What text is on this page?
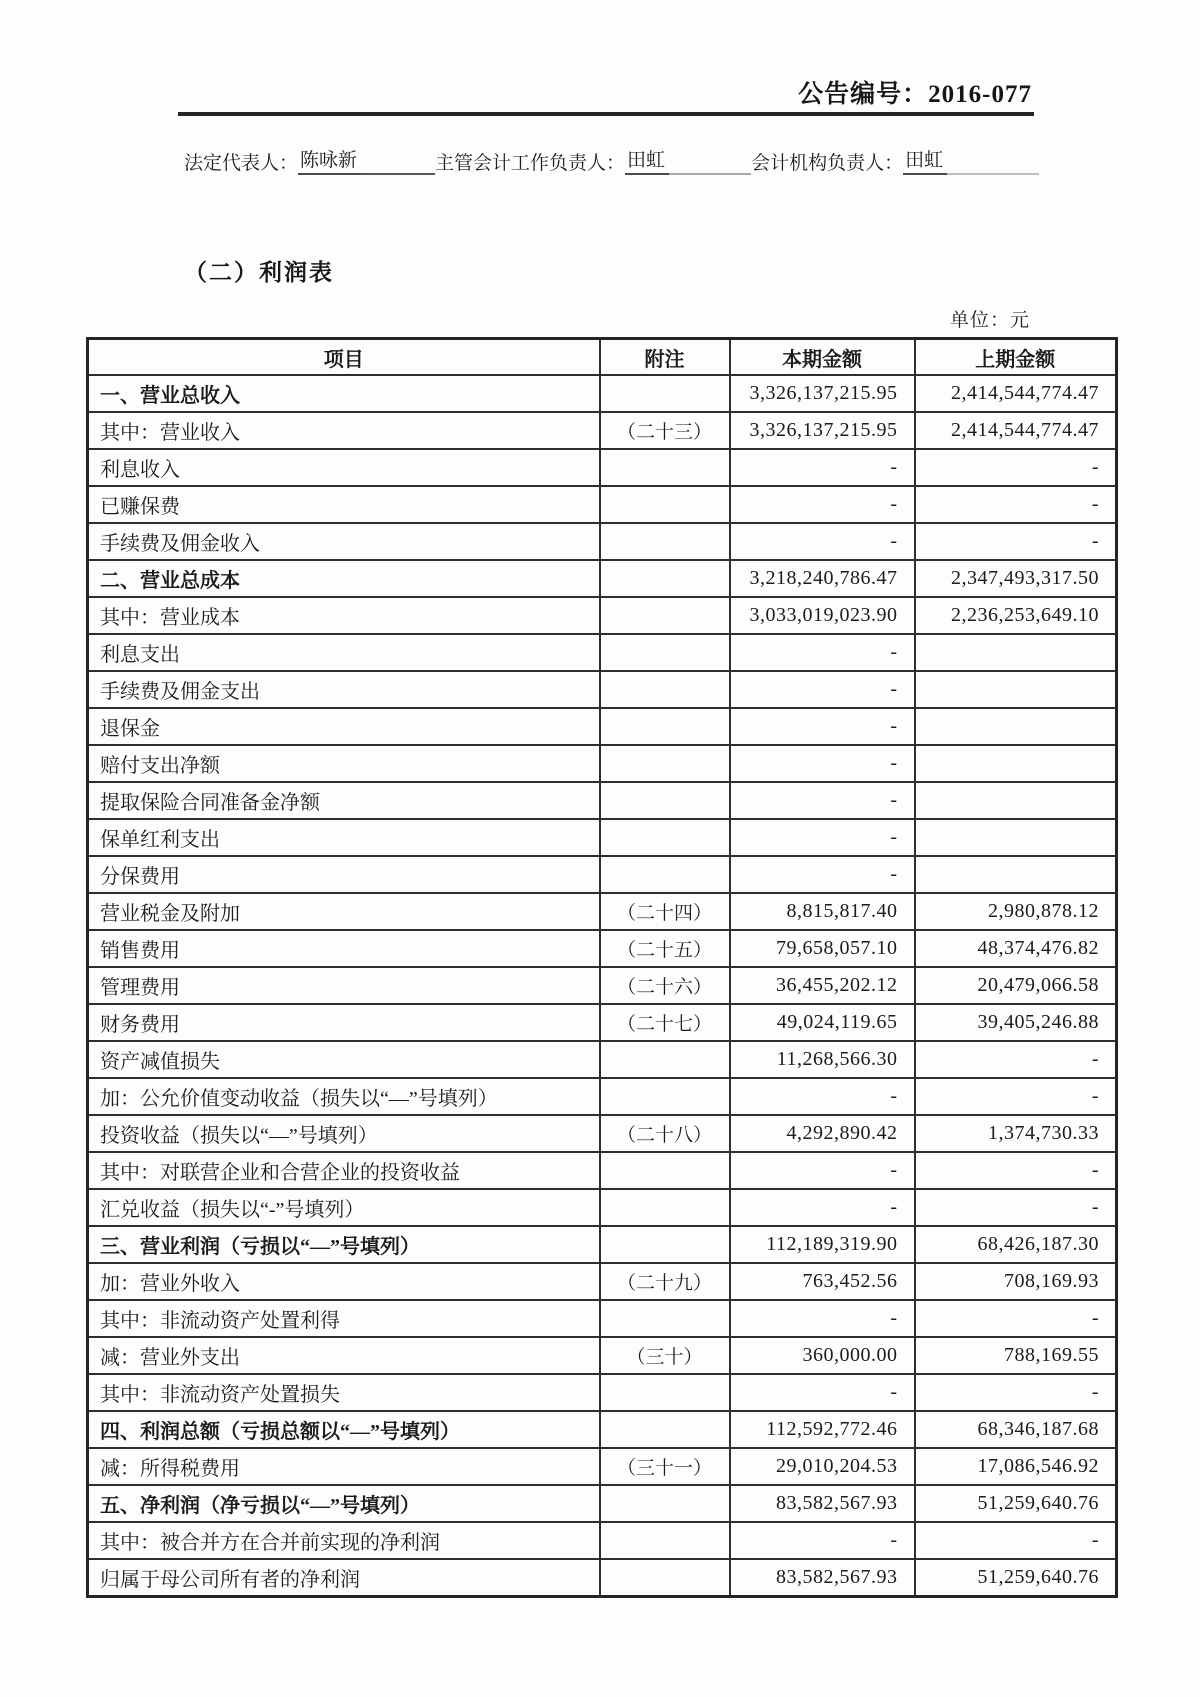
公告编号：2016-077
法定代表人： 陈咏新	主管会计工作负责人： 田虹	会计机构负责人： 田虹
（二）利润表
单位：元
项目	附注	本期金额	上期金额
一、营业总收入		3,326,137,215.95	2,414,544,774.47
其中：营业收入	（二十三）	3,326,137,215.95	2,414,544,774.47
利息收入		-	-
已赚保费		-	-
手续费及佣金收入		-	-
二、营业总成本		3,218,240,786.47	2,347,493,317.50
其中：营业成本		3,033,019,023.90	2,236,253,649.10
利息支出		-	
手续费及佣金支出		-	
退保金		-	
赔付支出净额		-	
提取保险合同准备金净额		-	
保单红利支出		-	
分保费用		-	
营业税金及附加	（二十四）	8,815,817.40	2,980,878.12
销售费用	（二十五）	79,658,057.10	48,374,476.82
管理费用	（二十六）	36,455,202.12	20,479,066.58
财务费用	（二十七）	49,024,119.65	39,405,246.88
资产减值损失		11,268,566.30	-
加：公允价值变动收益（损失以“—”号填列）		-	-
投资收益（损失以“—”号填列）	（二十八）	4,292,890.42	1,374,730.33
其中：对联营企业和合营企业的投资收益		-	-
汇兑收益（损失以“-”号填列）		-	-
三、营业利润（亏损以“—”号填列）		112,189,319.90	68,426,187.30
加：营业外收入	（二十九）	763,452.56	708,169.93
其中：非流动资产处置利得		-	-
减：营业外支出	（三十）	360,000.00	788,169.55
其中：非流动资产处置损失		-	-
四、利润总额（亏损总额以“—”号填列）		112,592,772.46	68,346,187.68
减：所得税费用	（三十一）	29,010,204.53	17,086,546.92
五、净利润（净亏损以“—”号填列）		83,582,567.93	51,259,640.76
其中：被合并方在合并前实现的净利润		-	-
归属于母公司所有者的净利润		83,582,567.93	51,259,640.76
